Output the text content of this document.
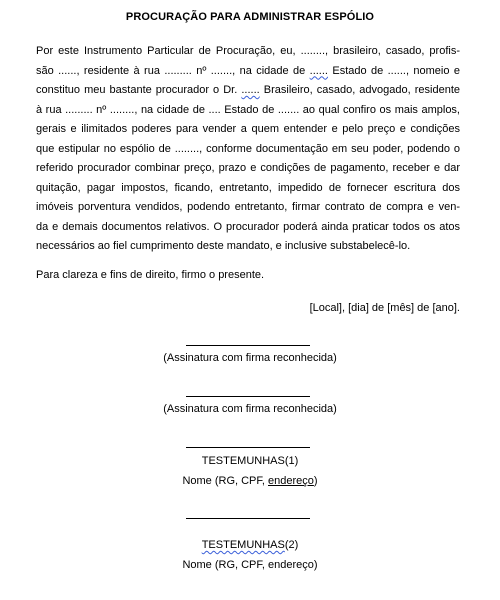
PROCURAÇÃO PARA ADMINISTRAR ESPÓLIO
Por este Instrumento Particular de Procuração, eu, ........, brasileiro, casado, profis-
são ......, residente à rua ......... nº ......., na cidade de ...... Estado de ......, nomeio e
constituo meu bastante procurador o Dr. ...... Brasileiro, casado, advogado, residente
à rua ......... nº ........, na cidade de .... Estado de ....... ao qual confiro os mais amplos,
gerais e ilimitados poderes para vender a quem entender e pelo preço e condições
que estipular no espólio de ........, conforme documentação em seu poder, podendo o
referido procurador combinar preço, prazo e condições de pagamento, receber e dar
quitação, pagar impostos, ficando, entretanto, impedido de fornecer escritura dos
imóveis porventura vendidos, podendo entretanto, firmar contrato de compra e ven-
da e demais documentos relativos. O procurador poderá ainda praticar todos os atos
necessários ao fiel cumprimento deste mandato, e inclusive substabelecê-lo.
Para clareza e fins de direito, firmo o presente.
[Local], [dia] de [mês] de [ano].
(Assinatura com firma reconhecida)
(Assinatura com firma reconhecida)
TESTEMUNHAS(1)
Nome (RG, CPF, endereço)
TESTEMUNHAS(2)
Nome (RG, CPF, endereço)
